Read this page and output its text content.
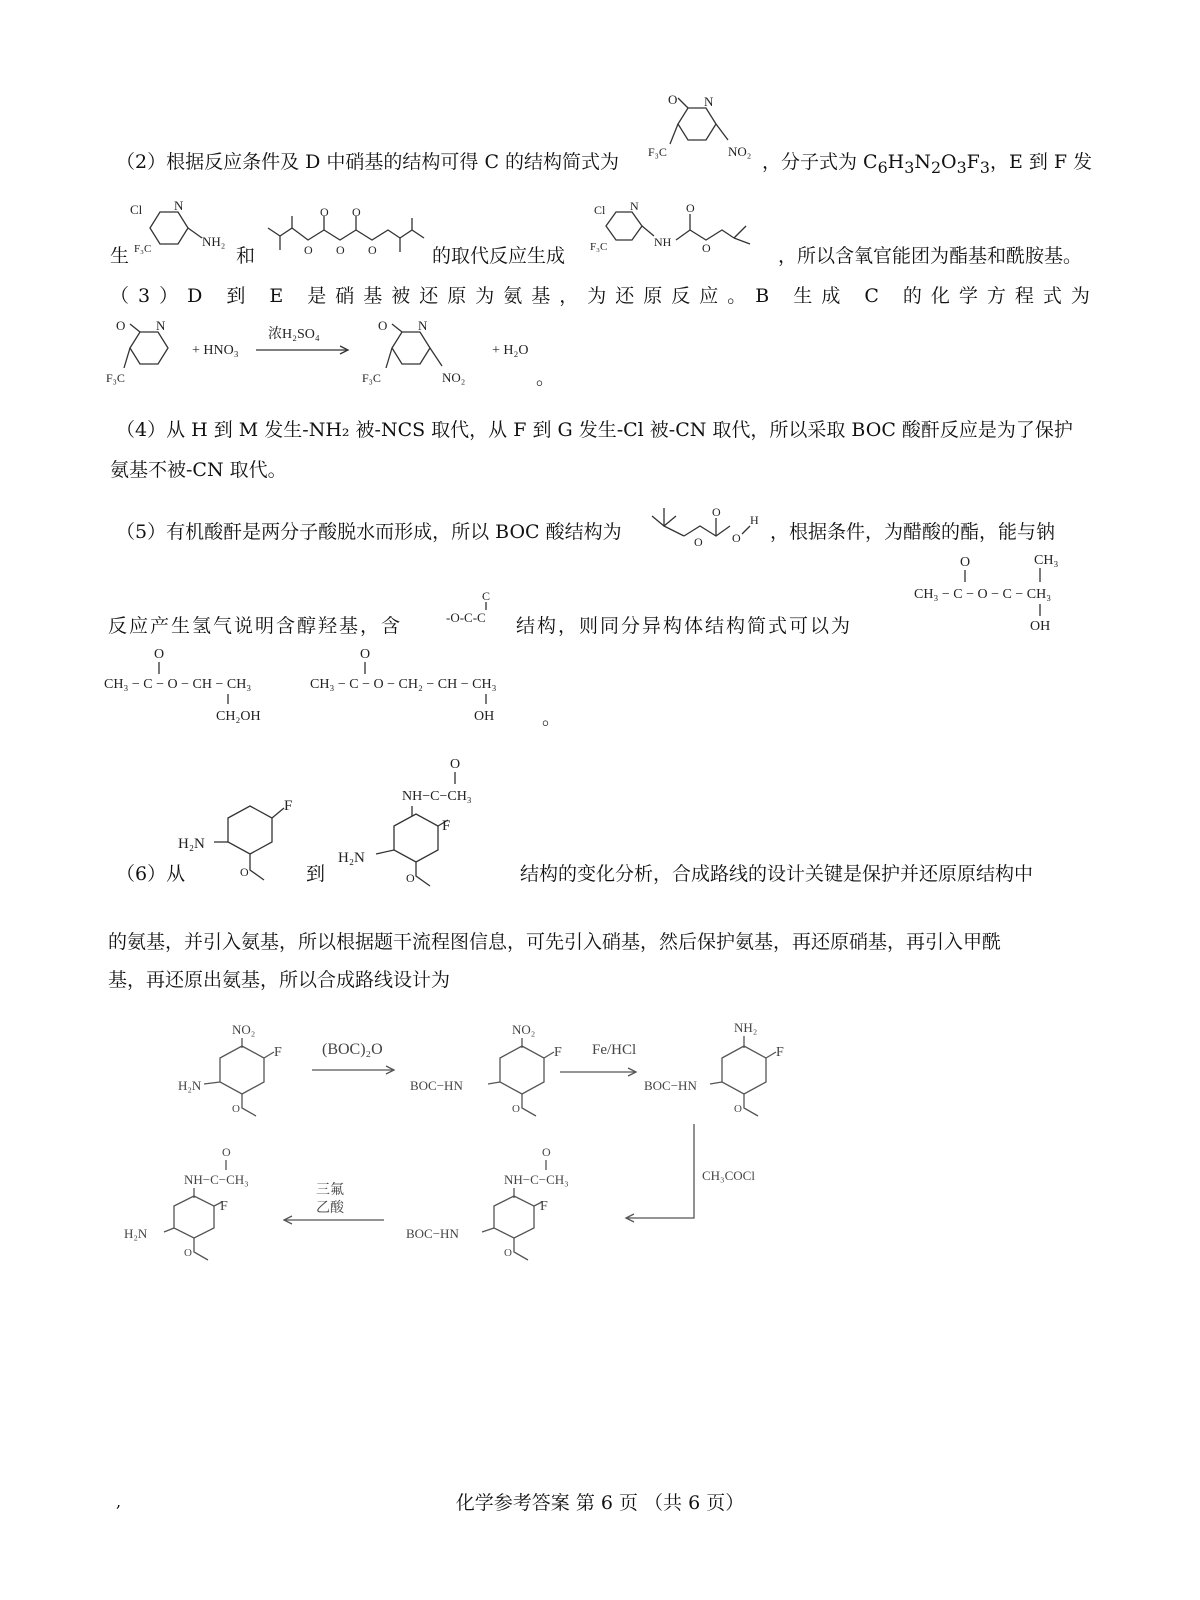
（2）根据反应条件及 D 中硝基的结构可得 C 的结构简式为
O N
F₃C	NO₂ ，分子式为 $C_6H_3N_2O_3F_3$，E 到 F 发
生
Cl N
F₃C	NH₂
和
O O
O O O	的取代反应生成
Cl N
F₃C	NH
O
O	，所以含氧官能团为酯基和酰胺基。
（3）D 到 E 是硝基被还原为氨基，为还原反应。B 生成 C 的化学方程式为
O N
F₃C
+ HNO₃
浓H₂SO₄
O N
F₃C	NO₂
+ H₂O
。
（4）从 H 到 M 发生-NH₂ 被-NCS 取代，从 F 到 G 发生-Cl 被-CN 取代，所以采取 BOC 酸酐反应是为了保护
氨基不被-CN 取代。
（5）有机酸酐是两分子酸脱水而形成，所以 BOC 酸结构为
O
O O
H
，根据条件，为醋酸的酯，能与钠
反应产生氢气说明含醇羟基，含
C
-O-C-C 结构，则同分异构体结构简式可以为
O	CH₃
CH₃ − C − O − C − CH₃
OH
O
CH₃ − C − O − CH − CH₃
CH₂OH
O
CH₃ − C − O − CH₂ − CH − CH₃
OH	。
（6）从
F
H₂N
O	到
O
NH−C−CH₃
F
H₂N
O	结构的变化分析，合成路线的设计关键是保护并还原原结构中
的氨基，并引入氨基，所以根据题干流程图信息，可先引入硝基，然后保护氨基，再还原硝基，再引入甲酰
基，再还原出氨基，所以合成路线设计为
NO₂
F
H₂N
O
(BOC)₂O
NO₂
F
BOC−HN
O
Fe/HCl
NH₂
F
BOC−HN
O
CH₃COCl
O
NH−C−CH₃
F
BOC−HN
O
三氟
乙酸
O
NH−C−CH₃
F
H₂N
O
,	化学参考答案 第 6 页 （共 6 页）
